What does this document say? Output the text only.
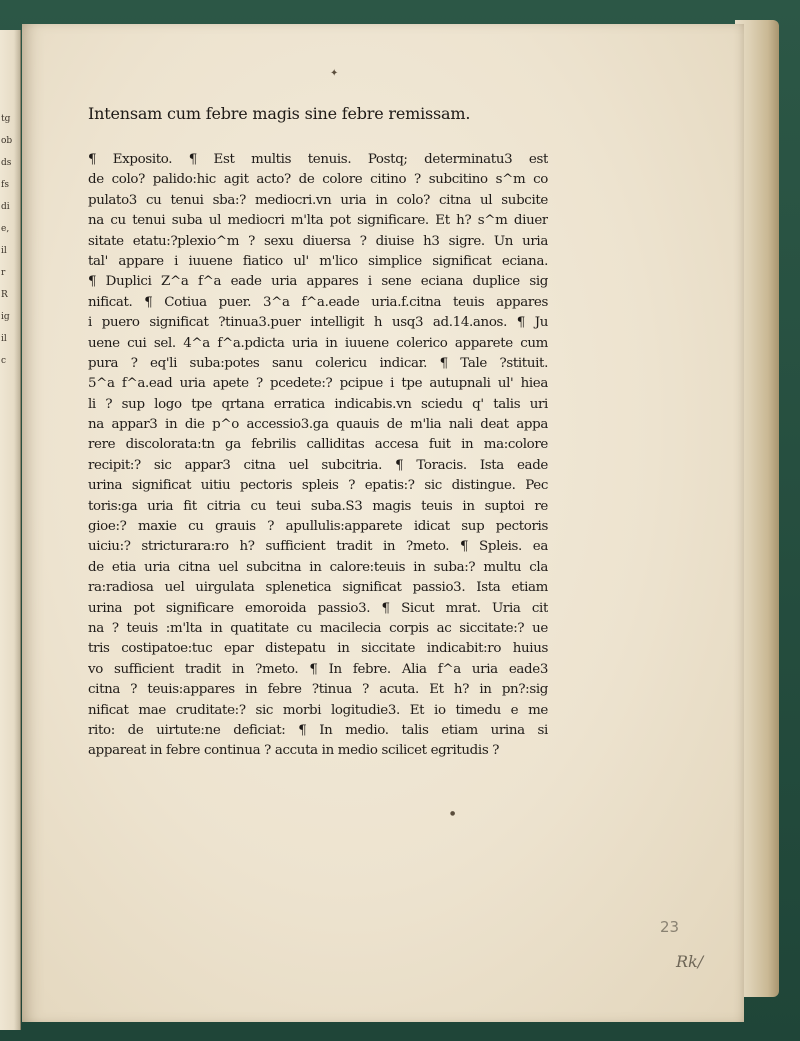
tg
ob
ds
fs
di
e,
il
r
R
ig
il
c
✦
●
Intensam cum febre magis sine febre remissam.
¶ Exposito. ¶ Est multis tenuis. Postq; determinatu3 est
de colo? palido:hic agit acto? de colore citino ? subcitino s^m co
pulato3 cu tenui sba:? mediocri.vn uria in colo? citna ul subcite
na cu tenui suba ul mediocri m'lta pot significare. Et h? s^m diuer
sitate etatu:?plexio^m ? sexu diuersa ? diuise h3 sigre. Un uria
tal' appare i iuuene fiatico ul' m'lico simplice significat eciana.
¶ Duplici Z^a f^a eade uria appares i sene eciana duplice sig
nificat. ¶ Cotiua puer. 3^a f^a.eade uria.f.citna teuis appares
i puero significat ?tinua3.puer intelligit h usq3 ad.14.anos. ¶ Ju
uene cui sel. 4^a f^a.pdicta uria in iuuene colerico apparete cum
pura ? eq'li suba:potes sanu colericu indicar. ¶ Tale ?stituit.
5^a f^a.ead uria apete ? pcedete:? pcipue i tpe autupnali ul' hiea
li ? sup logo tpe qrtana erratica indicabis.vn sciedu q' talis uri
na appar3 in die p^o accessio3.ga quauis de m'lia nali deat appa
rere discolorata:tn ga febrilis calliditas accesa fuit in ma:colore
recipit:? sic appar3 citna uel subcitria. ¶ Toracis. Ista eade
urina significat uitiu pectoris spleis ? epatis:? sic distingue. Pec
toris:ga uria fit citria cu teui suba.S3 magis teuis in suptoi re
gioe:? maxie cu grauis ? apullulis:apparete idicat sup pectoris
uiciu:? stricturara:ro h? sufficient tradit in ?meto. ¶ Spleis. ea
de etia uria citna uel subcitna in calore:teuis in suba:? multu cla
ra:radiosa uel uirgulata splenetica significat passio3. Ista etiam
urina pot significare emoroida passio3. ¶ Sicut mrat. Uria cit
na ? teuis :m'lta in quatitate cu macilecia corpis ac siccitate:? ue
tris costipatoe:tuc epar distepatu in siccitate indicabit:ro huius
vo sufficient tradit in ?meto. ¶ In febre. Alia f^a uria eade3
citna ? teuis:appares in febre ?tinua ? acuta. Et h? in pn?:sig
nificat mae cruditate:? sic morbi logitudie3. Et io timedu e me
rito: de uirtute:ne deficiat: ¶ In medio. talis etiam urina si
appareat in febre continua ? accuta in medio scilicet egritudis ?
23
Rk/
